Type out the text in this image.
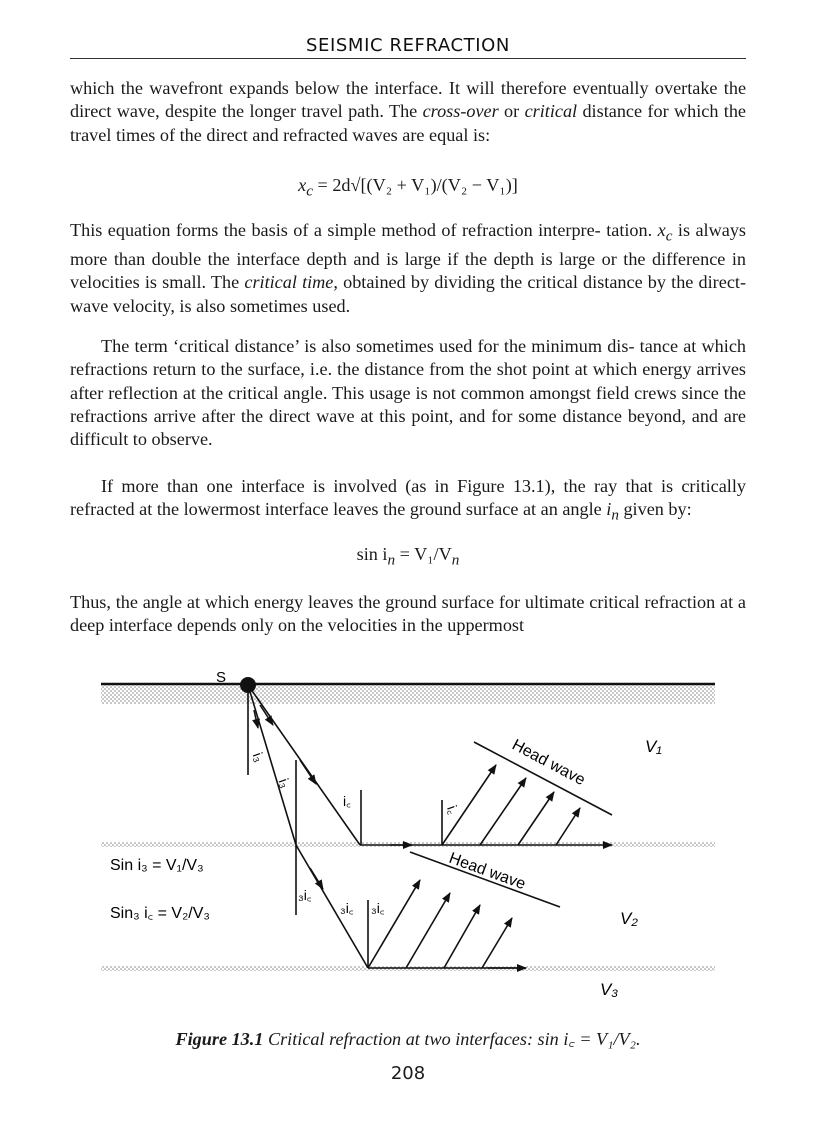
SEISMIC REFRACTION

which the wavefront expands below the interface. It will therefore eventually overtake the direct wave, despite the longer travel path. The cross-over or critical distance for which the travel times of the direct and refracted waves are equal is:

$x_c = 2d√[(V_2 + V_1)/(V_2 - V_1)]$

This equation forms the basis of a simple method of refraction interpre- tation. $x_c$ is always more than double the interface depth and is large if the depth is large or the difference in velocities is small. The critical time, obtained by dividing the critical distance by the direct-wave velocity, is also sometimes used.

The term ‘critical distance’ is also sometimes used for the minimum dis- tance at which refractions return to the surface, i.e. the distance from the shot point at which energy arrives after reflection at the critical angle. This usage is not common amongst field crews since the refractions arrive after the direct wave at this point, and for some distance beyond, and are difficult to observe.

If more than one interface is involved (as in Figure 13.1), the ray that is critically refracted at the lowermost interface leaves the ground surface at an angle $i_n$ given by:

$\sin i_n = V_1/V_n$

Thus, the angle at which energy leaves the ground surface for ultimate critical refraction at a deep interface depends only on the velocities in the uppermost

S
Head wave
Head wave
i₃
i₃
i꜀
i꜀
₃i꜀
₃i꜀ ₃i꜀
V₁
V₂
V₃
Sin i₃ = V₁/V₃
Sin₃ i꜀ = V₂/V₃
Figure 13.1 Critical refraction at two interfaces: sin i꜀ = V₁/V₂.
208
